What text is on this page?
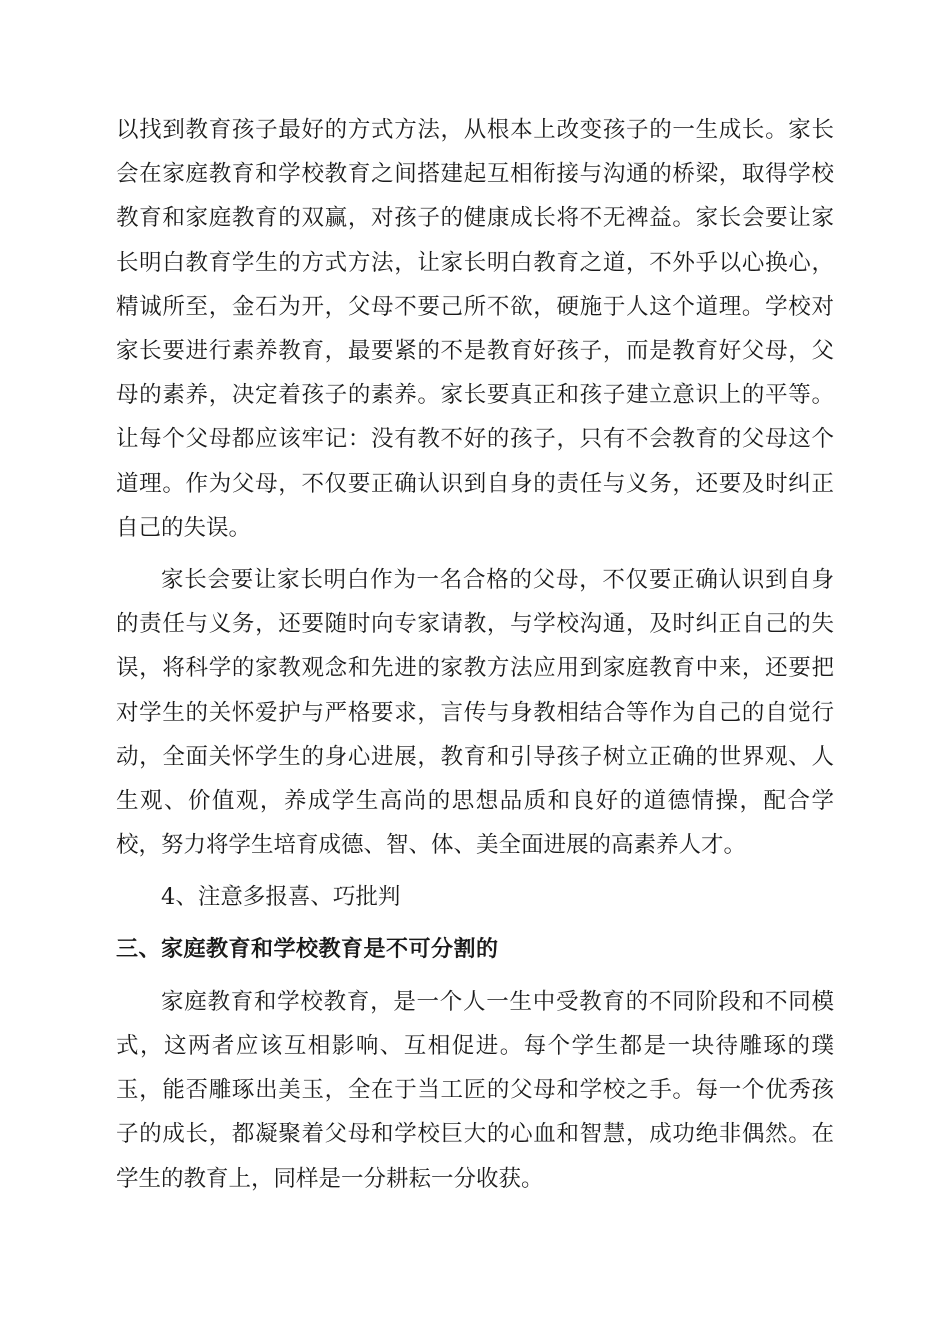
以找到教育孩子最好的方式方法，从根本上改变孩子的一生成长。家长会在家庭教育和学校教育之间搭建起互相衔接与沟通的桥梁，取得学校教育和家庭教育的双赢，对孩子的健康成长将不无裨益。家长会要让家长明白教育学生的方式方法，让家长明白教育之道，不外乎以心换心，精诚所至，金石为开，父母不要己所不欲，硬施于人这个道理。学校对家长要进行素养教育，最要紧的不是教育好孩子，而是教育好父母，父母的素养，决定着孩子的素养。家长要真正和孩子建立意识上的平等。让每个父母都应该牢记：没有教不好的孩子，只有不会教育的父母这个道理。作为父母，不仅要正确认识到自身的责任与义务，还要及时纠正自己的失误。

家长会要让家长明白作为一名合格的父母，不仅要正确认识到自身的责任与义务，还要随时向专家请教，与学校沟通，及时纠正自己的失误，将科学的家教观念和先进的家教方法应用到家庭教育中来，还要把对学生的关怀爱护与严格要求，言传与身教相结合等作为自己的自觉行动，全面关怀学生的身心进展，教育和引导孩子树立正确的世界观、人生观、价值观，养成学生高尚的思想品质和良好的道德情操，配合学校，努力将学生培育成德、智、体、美全面进展的高素养人才。

4、注意多报喜、巧批判

三、家庭教育和学校教育是不可分割的

家庭教育和学校教育，是一个人一生中受教育的不同阶段和不同模式，这两者应该互相影响、互相促进。每个学生都是一块待雕琢的璞玉，能否雕琢出美玉，全在于当工匠的父母和学校之手。每一个优秀孩子的成长，都凝聚着父母和学校巨大的心血和智慧，成功绝非偶然。在学生的教育上，同样是一分耕耘一分收获。
